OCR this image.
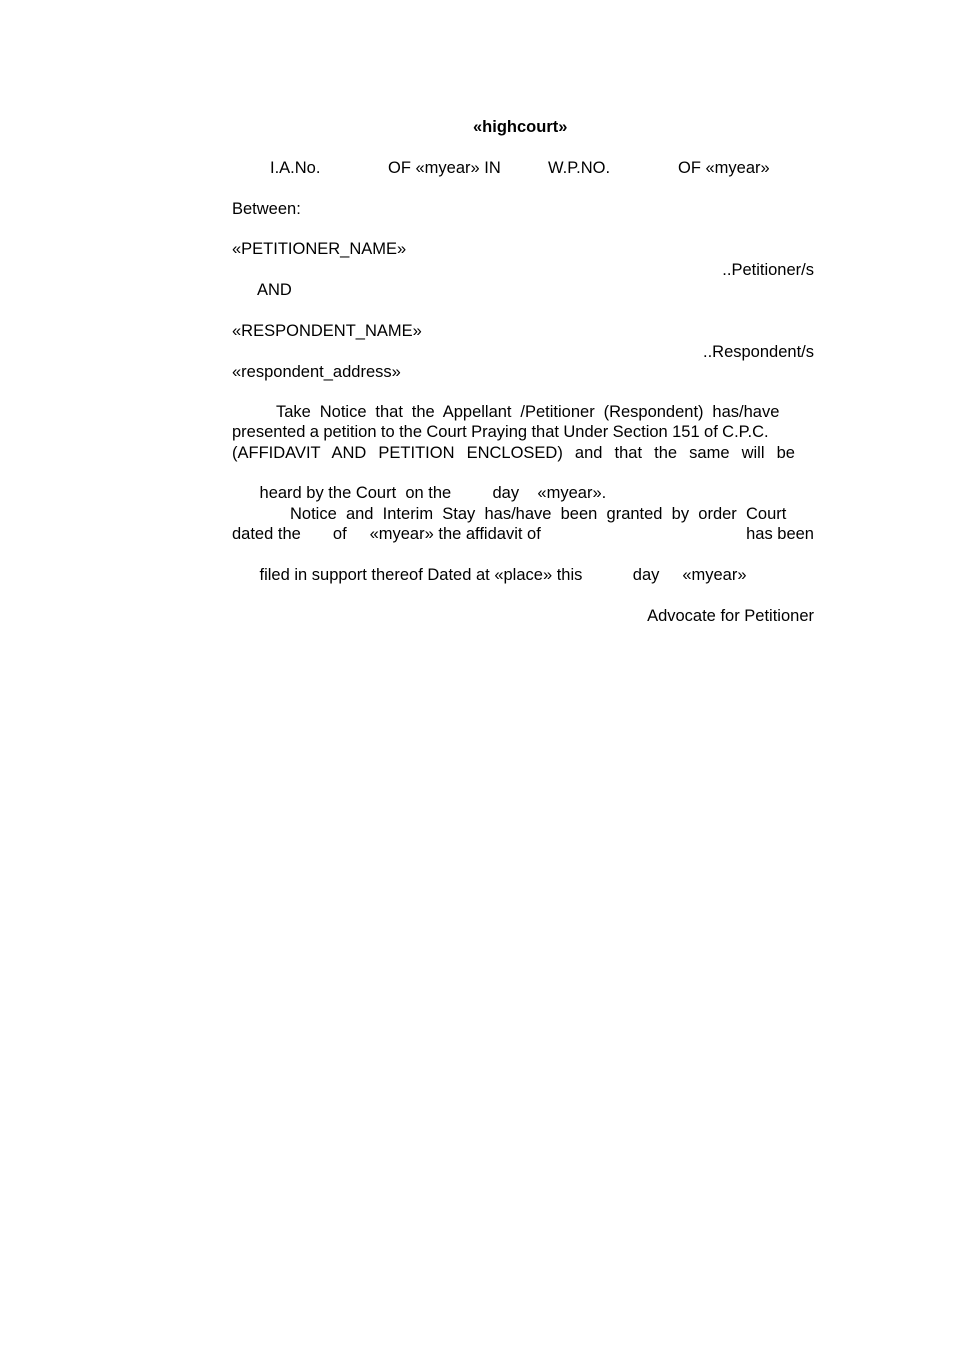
«highcourt»
I.A.No.	OF «myear» IN	W.P.NO.	OF «myear»
Between:
«PETITIONER_NAME»
..Petitioner/s
AND
«RESPONDENT_NAME»
..Respondent/s
«respondent_address»
Take Notice that the Appellant /Petitioner (Respondent) has/have
presented a petition to the Court Praying that Under Section 151 of C.P.C.
(AFFIDAVIT AND PETITION ENCLOSED) and that the same will be

heard by the Court  on the         day    «myear».

Notice and Interim Stay has/have been granted by order Court
dated the       of     «myear» the affidavit of	has been

filed in support thereof Dated at «place» this           day     «myear»

Advocate for Petitioner
